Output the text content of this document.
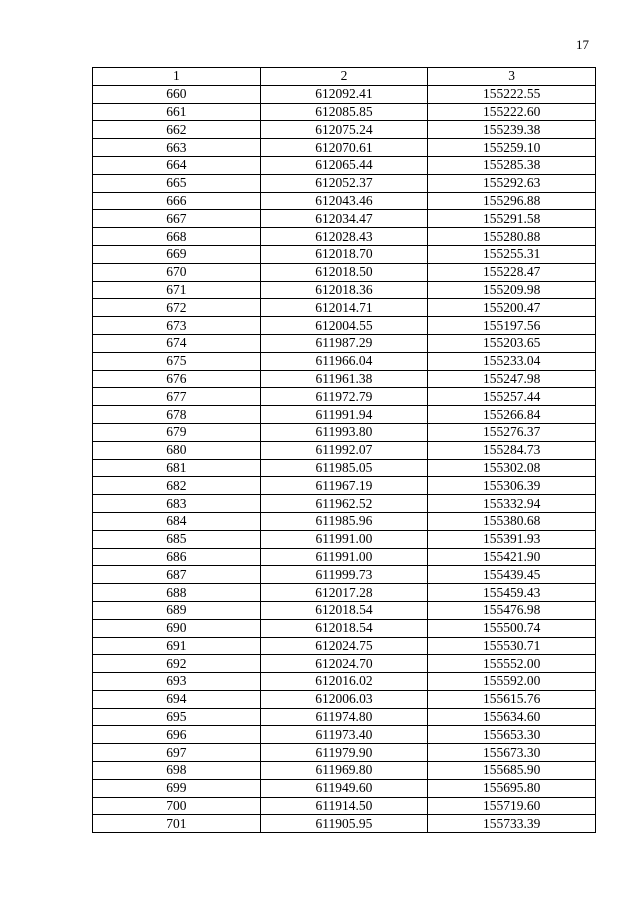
17
1	2	3
660	612092.41	155222.55
661	612085.85	155222.60
662	612075.24	155239.38
663	612070.61	155259.10
664	612065.44	155285.38
665	612052.37	155292.63
666	612043.46	155296.88
667	612034.47	155291.58
668	612028.43	155280.88
669	612018.70	155255.31
670	612018.50	155228.47
671	612018.36	155209.98
672	612014.71	155200.47
673	612004.55	155197.56
674	611987.29	155203.65
675	611966.04	155233.04
676	611961.38	155247.98
677	611972.79	155257.44
678	611991.94	155266.84
679	611993.80	155276.37
680	611992.07	155284.73
681	611985.05	155302.08
682	611967.19	155306.39
683	611962.52	155332.94
684	611985.96	155380.68
685	611991.00	155391.93
686	611991.00	155421.90
687	611999.73	155439.45
688	612017.28	155459.43
689	612018.54	155476.98
690	612018.54	155500.74
691	612024.75	155530.71
692	612024.70	155552.00
693	612016.02	155592.00
694	612006.03	155615.76
695	611974.80	155634.60
696	611973.40	155653.30
697	611979.90	155673.30
698	611969.80	155685.90
699	611949.60	155695.80
700	611914.50	155719.60
701	611905.95	155733.39
